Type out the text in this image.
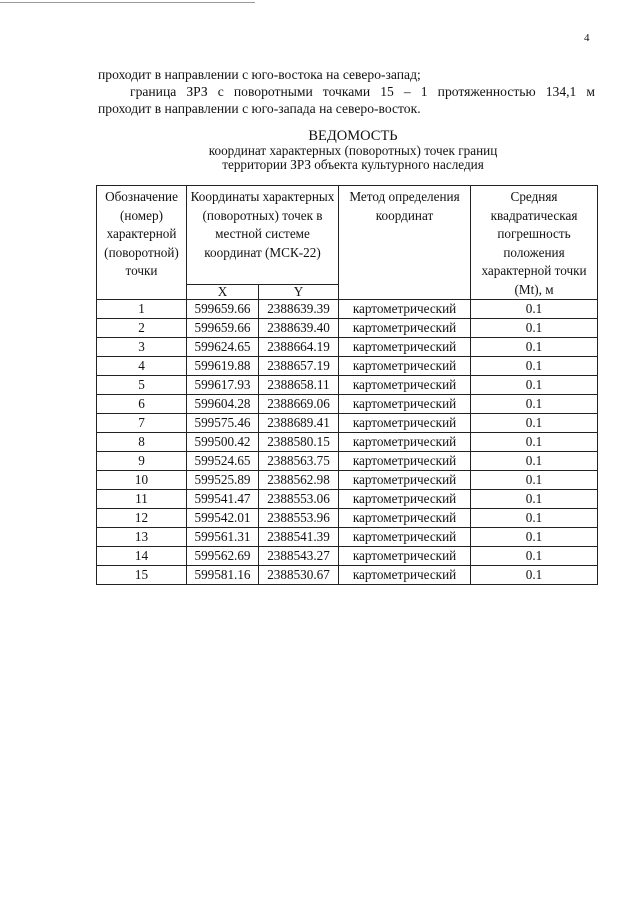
4
проходит в направлении с юго-востока на северо-запад;
граница ЗРЗ с поворотными точками 15 – 1 протяженностью 134,1 м
проходит в направлении с юго-запада на северо-восток.
ВЕДОМОСТЬ
координат характерных (поворотных) точек границ
территории ЗРЗ объекта культурного наследия
Обозначение (номер) характерной (поворотной) точки	Координаты характерных (поворотных) точек в местной системе координат (МСК-22)		Метод определения координат	Средняя квадратическая погрешность положения характерной точки (Mt), м
	X	Y		
1	599659.66	2388639.39	картометрический	0.1
2	599659.66	2388639.40	картометрический	0.1
3	599624.65	2388664.19	картометрический	0.1
4	599619.88	2388657.19	картометрический	0.1
5	599617.93	2388658.11	картометрический	0.1
6	599604.28	2388669.06	картометрический	0.1
7	599575.46	2388689.41	картометрический	0.1
8	599500.42	2388580.15	картометрический	0.1
9	599524.65	2388563.75	картометрический	0.1
10	599525.89	2388562.98	картометрический	0.1
11	599541.47	2388553.06	картометрический	0.1
12	599542.01	2388553.96	картометрический	0.1
13	599561.31	2388541.39	картометрический	0.1
14	599562.69	2388543.27	картометрический	0.1
15	599581.16	2388530.67	картометрический	0.1
